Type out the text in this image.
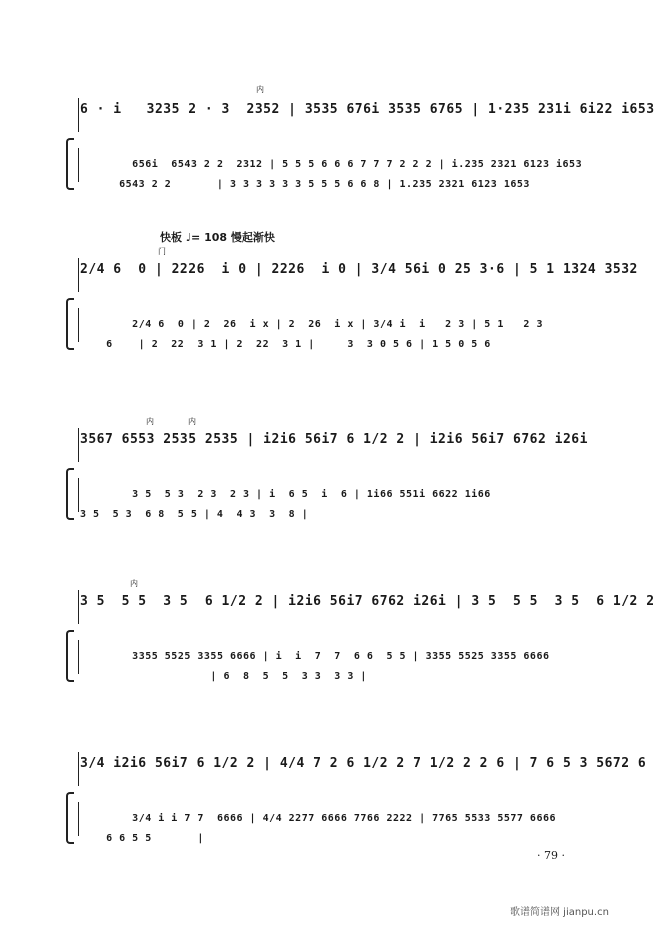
内
6 · i   3235 2 · 3  2352 | 3535 676i 3535 6765 | 1·235 231i 6i22 i653

656i  6543 2 2  2312 | 5 5 5 6 6 6 7 7 7 2 2 2 | i.235 2321 6123 i653

6543 2 2       | 3 3 3 3 3 3 5 5 5 6 6 8 | 1.235 2321 6123 1653

快板 ♩= 108 慢起渐快
门
2/4 6  0 | 2226  i 0 | 2226  i 0 | 3/4 56i 0 25 3·6 | 5 1 1324 3532

2/4 6  0 | 2  26  i x | 2  26  i x | 3/4 i  i   2 3 | 5 1   2 3

6    | 2  22  3 1 | 2  22  3 1 |     3  3 0 5 6 | 1 5 0 5 6

内	内
3567 6553 2535 2535 | i2i6 56i7 6 1/2 2 | i2i6 56i7 6762 i26i

3 5  5 3  2 3  2 3 | i  6 5  i  6 | 1i66 551i 6622 1i66

3 5  5 3  6 8  5 5 | 4  4 3  3  8 |

内
3 5  5 5  3 5  6 1/2 2 | i2i6 56i7 6762 i26i | 3 5  5 5  3 5  6 1/2 2

3355 5525 3355 6666 | i  i  7  7  6 6  5 5 | 3355 5525 3355 6666

| 6  8  5  5  3 3  3 3 |

3/4 i2i6 56i7 6 1/2 2 | 4/4 7 2 6 1/2 2 7 1/2 2 2 6 | 7 6 5 3 5672 6

3/4 i i 7 7  6666 | 4/4 2277 6666 7766 2222 | 7765 5533 5577 6666

6 6 5 5       |

· 79 ·
歌谱简谱网 jianpu.cn
